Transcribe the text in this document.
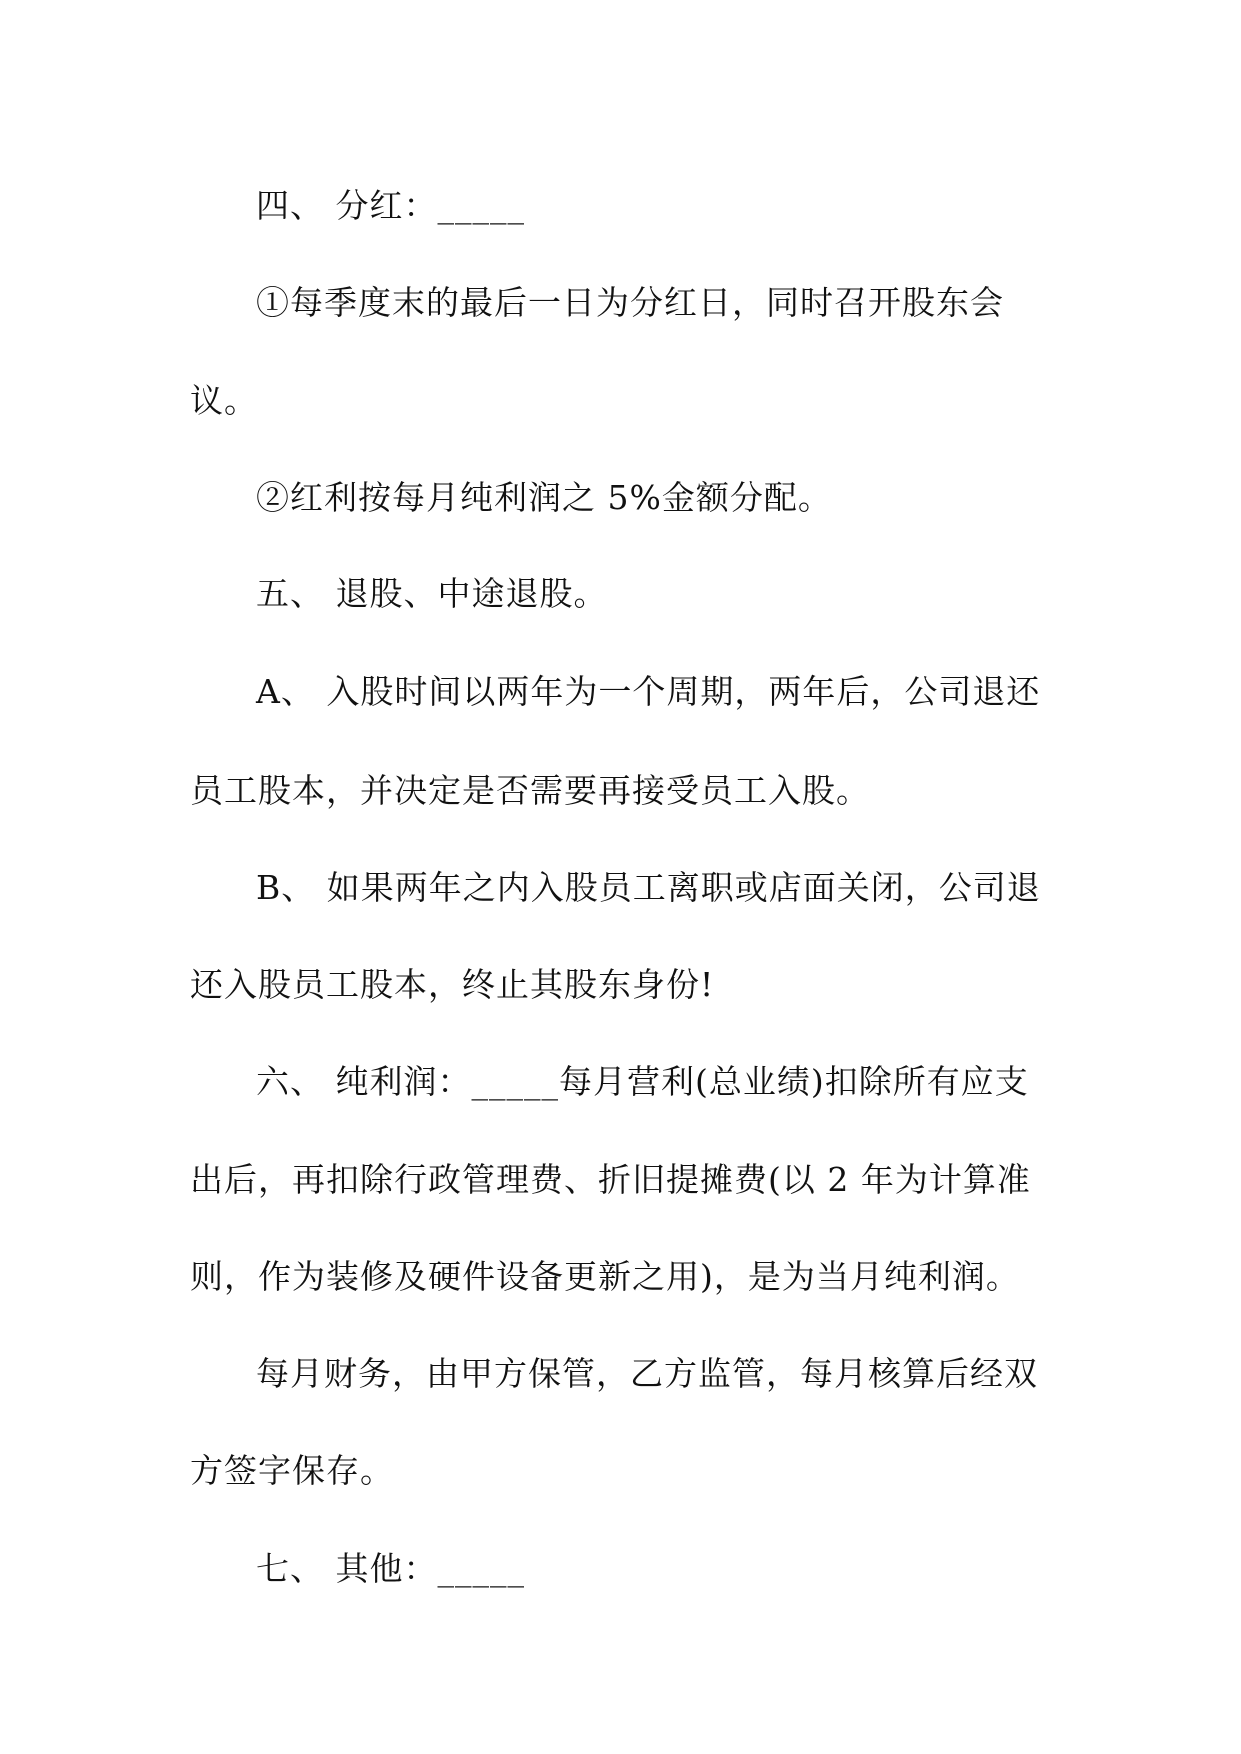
四、 分红：_____
①每季度末的最后一日为分红日，同时召开股东会
议。
②红利按每月纯利润之 5%金额分配。
五、 退股、中途退股。
A、 入股时间以两年为一个周期，两年后，公司退还
员工股本，并决定是否需要再接受员工入股。
B、 如果两年之内入股员工离职或店面关闭，公司退
还入股员工股本，终止其股东身份!
六、 纯利润：_____每月营利(总业绩)扣除所有应支
出后，再扣除行政管理费、折旧提摊费(以 2 年为计算准
则，作为装修及硬件设备更新之用)，是为当月纯利润。
每月财务，由甲方保管，乙方监管，每月核算后经双
方签字保存。
七、 其他：_____
